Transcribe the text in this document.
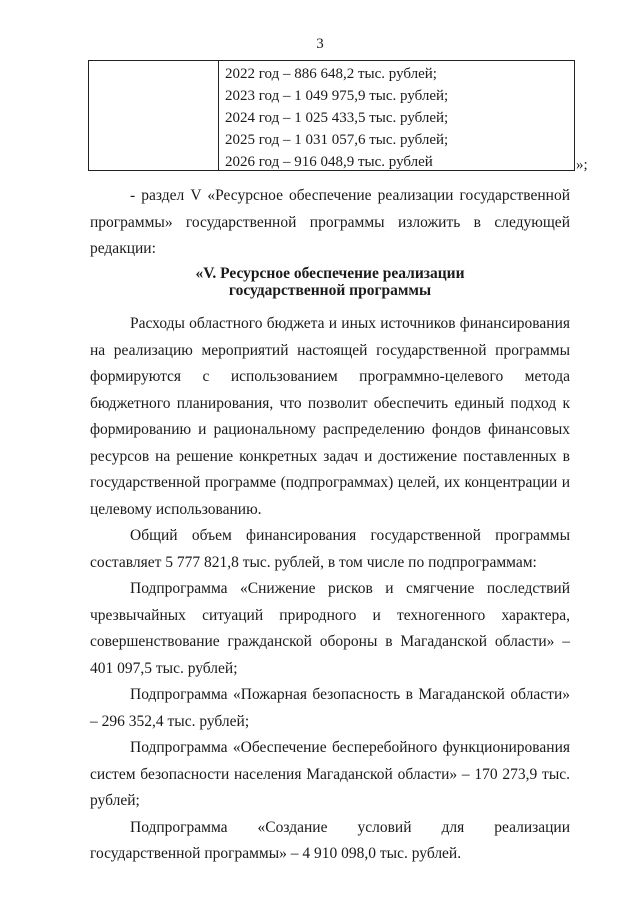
3
2022 год – 886 648,2 тыс. рублей;
2023 год – 1 049 975,9 тыс. рублей;
2024 год – 1 025 433,5 тыс. рублей;
2025 год – 1 031 057,6 тыс. рублей;
2026 год – 916 048,9 тыс. рублей	»;

- раздел V «Ресурсное обеспечение реализации государственной программы» государственной программы изложить в следующей редакции:

«V. Ресурсное обеспечение реализации
государственной программы

Расходы областного бюджета и иных источников финансирования на реализацию мероприятий настоящей государственной программы формируются с использованием программно-целевого метода бюджетного планирования, что позволит обеспечить единый подход к формированию и рациональному распределению фондов финансовых ресурсов на решение конкретных задач и достижение поставленных в государственной программе (подпрограммах) целей, их концентрации и целевому использованию.

Общий объем финансирования государственной программы составляет 5 777 821,8 тыс. рублей, в том числе по подпрограммам:

Подпрограмма «Снижение рисков и смягчение последствий чрезвычайных ситуаций природного и техногенного характера, совершенствование гражданской обороны в Магаданской области» – 401 097,5 тыс. рублей;

Подпрограмма «Пожарная безопасность в Магаданской области» – 296 352,4 тыс. рублей;

Подпрограмма «Обеспечение бесперебойного функционирования систем безопасности населения Магаданской области» – 170 273,9 тыс. рублей;

Подпрограмма «Создание условий для реализации государственной программы» – 4 910 098,0 тыс. рублей.
